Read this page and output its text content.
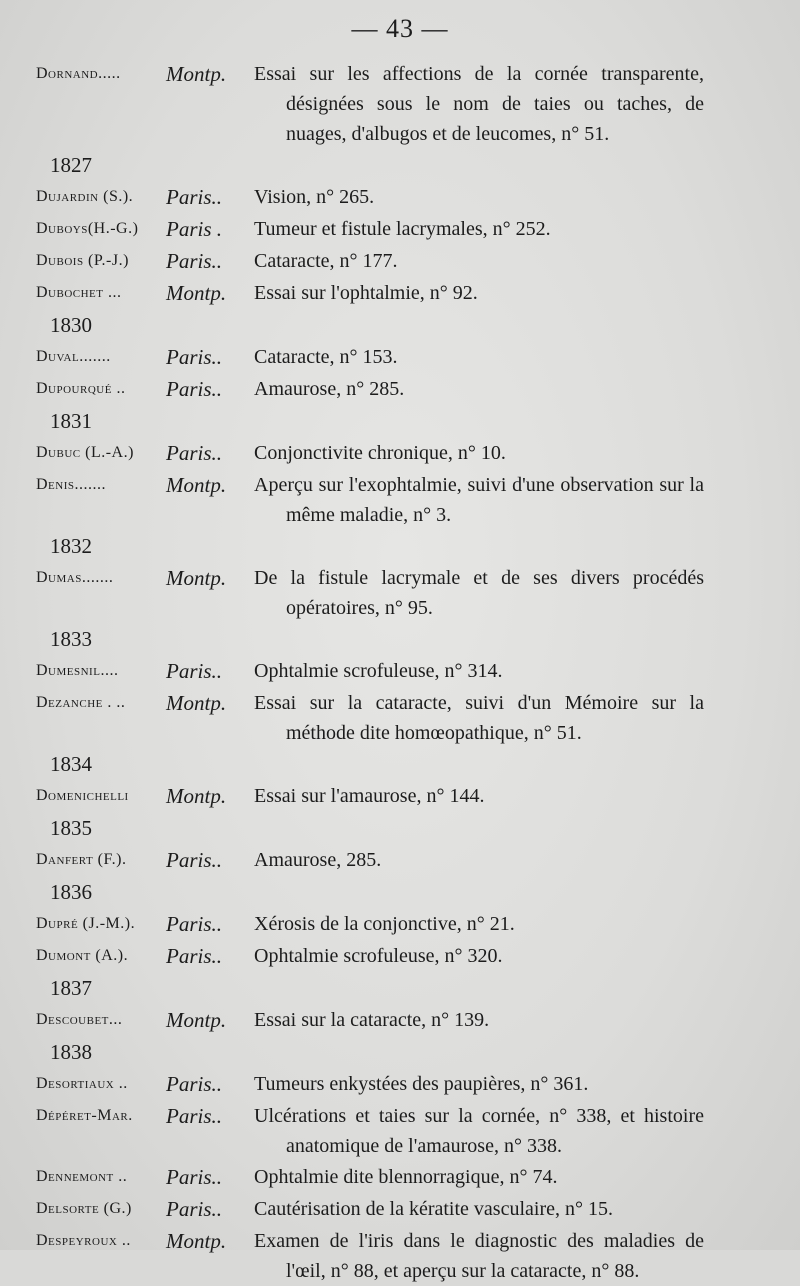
— 43 —
Dornand.....	Montp.	Essai sur les affections de la cornée transparente, désignées sous le nom de taies ou taches, de nuages, d'albugos et de leucomes, n° 51.
1827
Dujardin (S.).	Paris..	Vision, n° 265.
Duboys(H.-G.)	Paris .	Tumeur et fistule lacrymales, n° 252.
Dubois (P.-J.)	Paris..	Cataracte, n° 177.
Dubochet ...	Montp.	Essai sur l'ophtalmie, n° 92.
1830
Duval.......	Paris..	Cataracte, n° 153.
Dupourqué ..	Paris..	Amaurose, n° 285.
1831
Dubuc (L.-A.)	Paris..	Conjonctivite chronique, n° 10.
Denis.......	Montp.	Aperçu sur l'exophtalmie, suivi d'une observation sur la même maladie, n° 3.
1832
Dumas.......	Montp.	De la fistule lacrymale et de ses divers procédés opératoires, n° 95.
1833
Dumesnil....	Paris..	Ophtalmie scrofuleuse, n° 314.
Dezanche . ..	Montp.	Essai sur la cataracte, suivi d'un Mémoire sur la méthode dite homœopathique, n° 51.
1834
Domenichelli	Montp.	Essai sur l'amaurose, n° 144.
1835
Danfert (F.).	Paris..	Amaurose, 285.
1836
Dupré (J.-M.).	Paris..	Xérosis de la conjonctive, n° 21.
Dumont (A.).	Paris..	Ophtalmie scrofuleuse, n° 320.
1837
Descoubet...	Montp.	Essai sur la cataracte, n° 139.
1838
Desortiaux ..	Paris..	Tumeurs enkystées des paupières, n° 361.
Dépéret-Mar.	Paris..	Ulcérations et taies sur la cornée, n° 338, et histoire anatomique de l'amaurose, n° 338.
Dennemont ..	Paris..	Ophtalmie dite blennorragique, n° 74.
Delsorte (G.)	Paris..	Cautérisation de la kératite vasculaire, n° 15.
Despeyroux ..	Montp.	Examen de l'iris dans le diagnostic des maladies de l'œil, n° 88, et aperçu sur la cataracte, n° 88.
